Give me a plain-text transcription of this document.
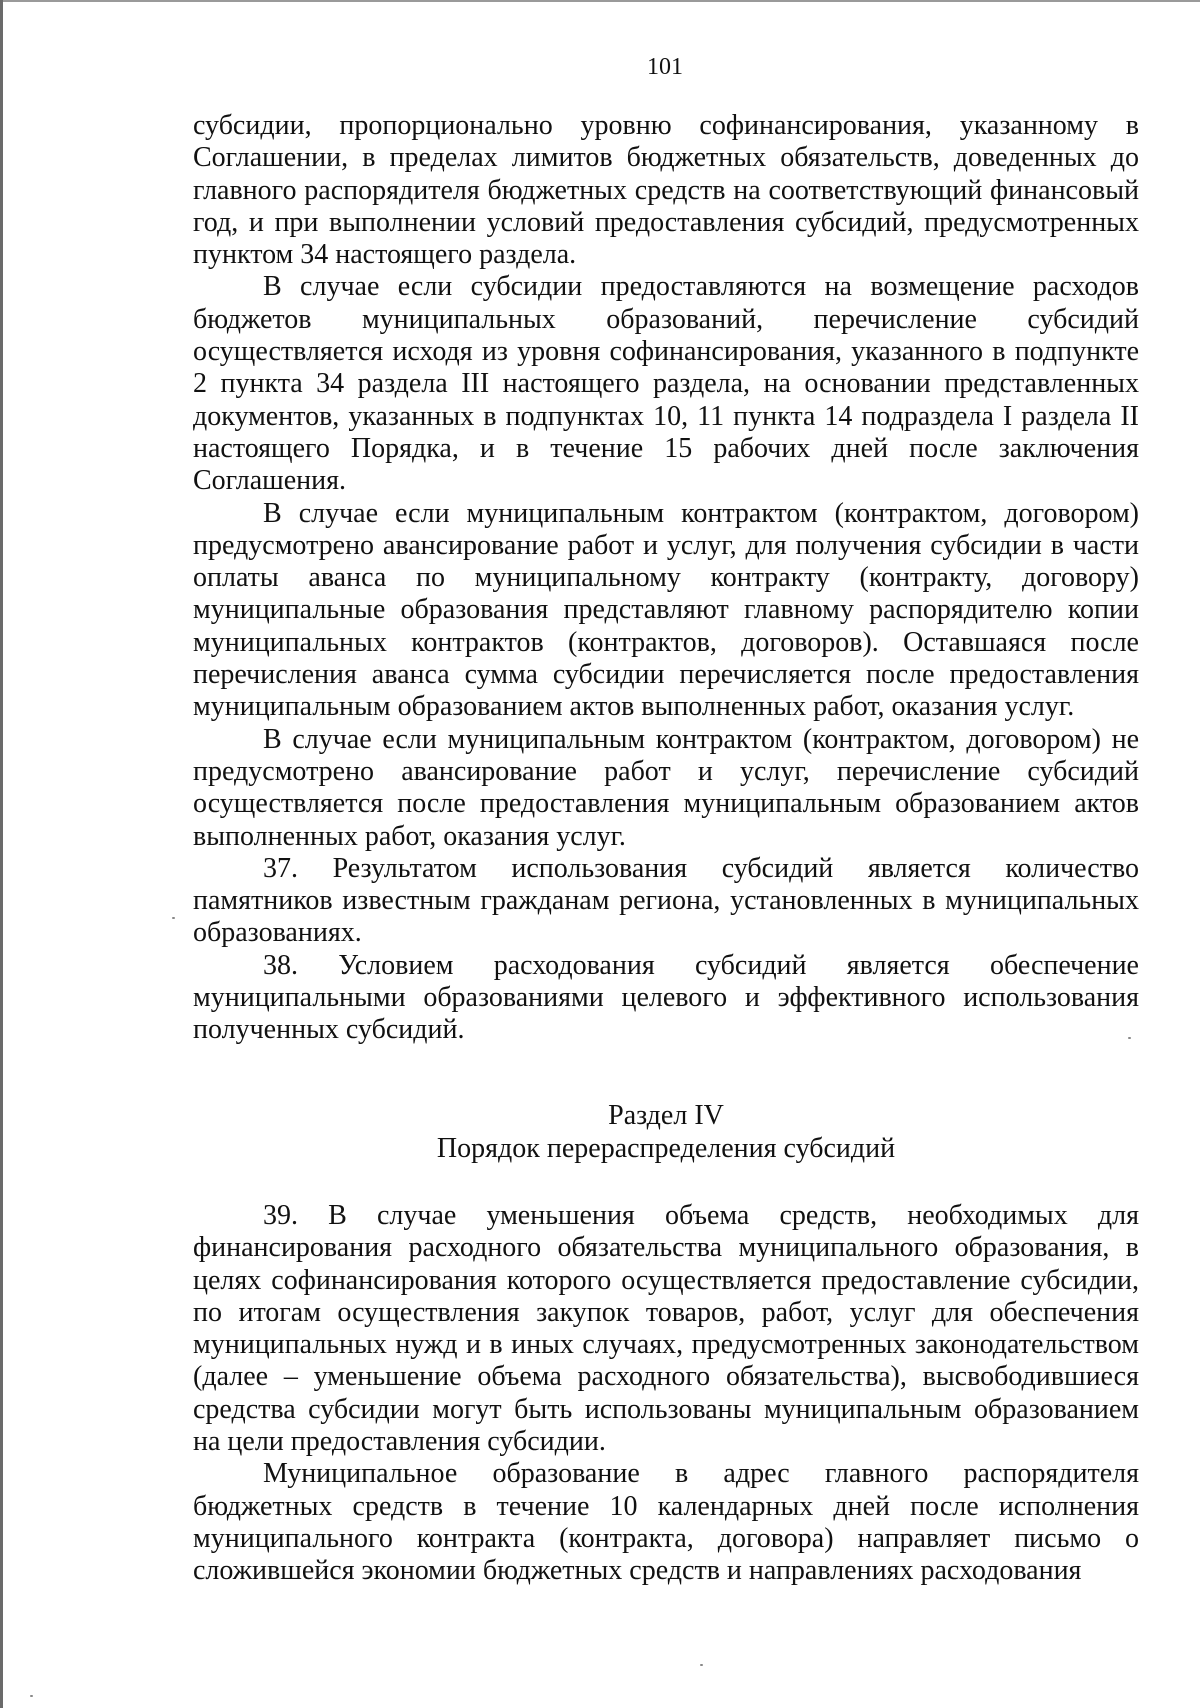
101

субсидии, пропорционально уровню софинансирования, указанному в Соглашении, в пределах лимитов бюджетных обязательств, доведенных до главного распорядителя бюджетных средств на соответствующий финансовый год, и при выполнении условий предоставления субсидий, предусмотренных пунктом 34 настоящего раздела.

В случае если субсидии предоставляются на возмещение расходов бюджетов муниципальных образований, перечисление субсидий осуществляется исходя из уровня софинансирования, указанного в подпункте 2 пункта 34 раздела III настоящего раздела, на основании представленных документов, указанных в подпунктах 10, 11 пункта 14 подраздела I раздела II настоящего Порядка, и в течение 15 рабочих дней после заключения Соглашения.

В случае если муниципальным контрактом (контрактом, договором) предусмотрено авансирование работ и услуг, для получения субсидии в части оплаты аванса по муниципальному контракту (контракту, договору) муниципальные образования представляют главному распорядителю копии муниципальных контрактов (контрактов, договоров). Оставшаяся после перечисления аванса сумма субсидии перечисляется после предоставления муниципальным образованием актов выполненных работ, оказания услуг.

В случае если муниципальным контрактом (контрактом, договором) не предусмотрено авансирование работ и услуг, перечисление субсидий осуществляется после предоставления муниципальным образованием актов выполненных работ, оказания услуг.

37. Результатом использования субсидий является количество памятников известным гражданам региона, установленных в муниципальных образованиях.

38. Условием расходования субсидий является обеспечение муниципальными образованиями целевого и эффективного использования полученных субсидий.

Раздел IV
Порядок перераспределения субсидий

39. В случае уменьшения объема средств, необходимых для финансирования расходного обязательства муниципального образования, в целях софинансирования которого осуществляется предоставление субсидии, по итогам осуществления закупок товаров, работ, услуг для обеспечения муниципальных нужд и в иных случаях, предусмотренных законодательством (далее – уменьшение объема расходного обязательства), высвободившиеся средства субсидии могут быть использованы муниципальным образованием на цели предоставления субсидии.

Муниципальное образование в адрес главного распорядителя бюджетных средств в течение 10 календарных дней после исполнения муниципального контракта (контракта, договора) направляет письмо о сложившейся экономии бюджетных средств и направлениях расходования
